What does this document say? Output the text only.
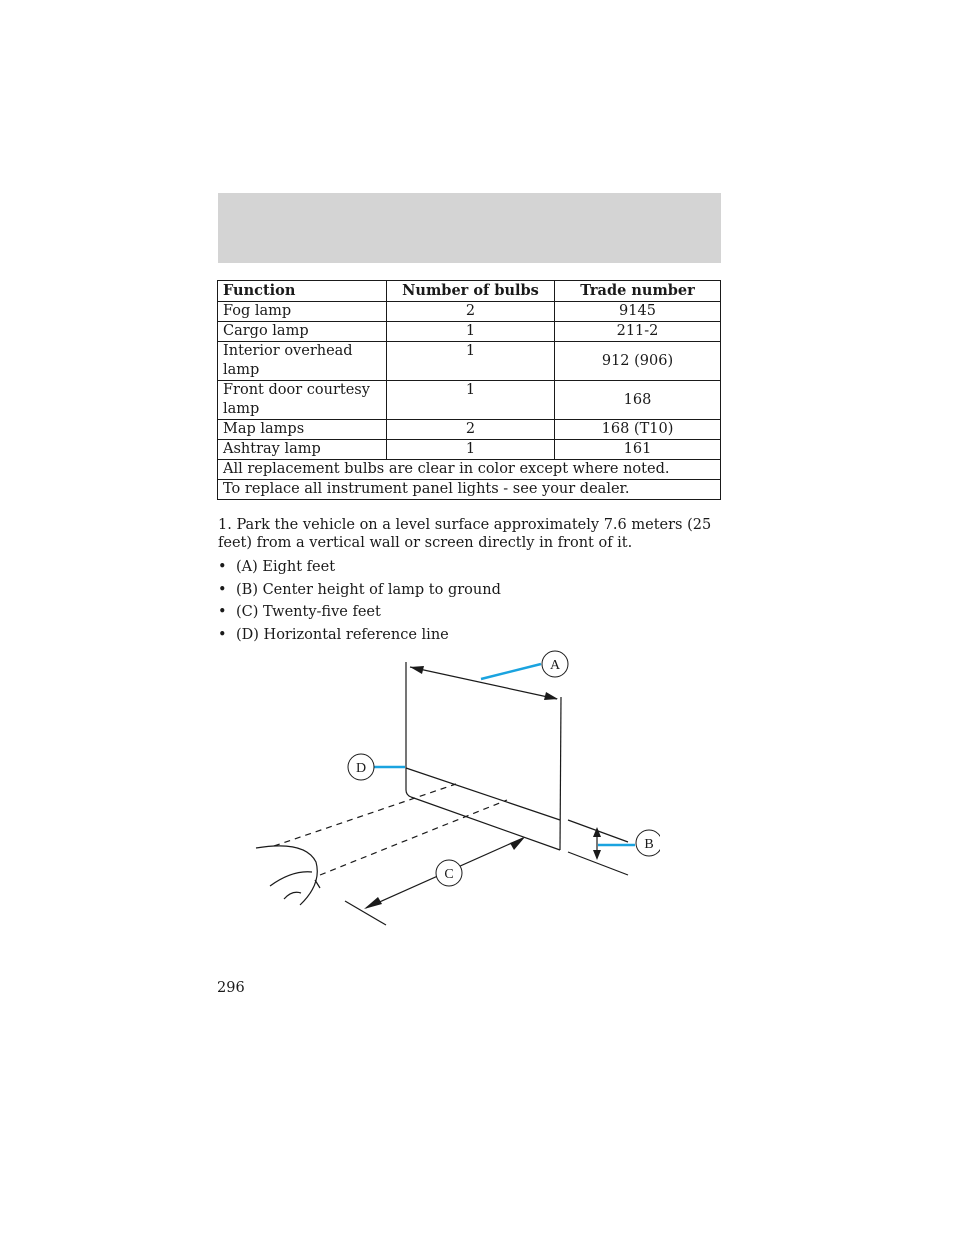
Function	Number of bulbs	Trade number
Fog lamp	2	9145
Cargo lamp	1	211-2
Interior overhead lamp	1	912 (906)
Front door courtesy lamp	1	168
Map lamps	2	168 (T10)
Ashtray lamp	1	161
All replacement bulbs are clear in color except where noted.		
To replace all instrument panel lights - see your dealer.		

1. Park the vehicle on a level surface approximately 7.6 meters (25 feet) from a vertical wall or screen directly in front of it.

• (A) Eight feet
• (B) Center height of lamp to ground
• (C) Twenty-five feet
• (D) Horizontal reference line
A
D
B
C
296
